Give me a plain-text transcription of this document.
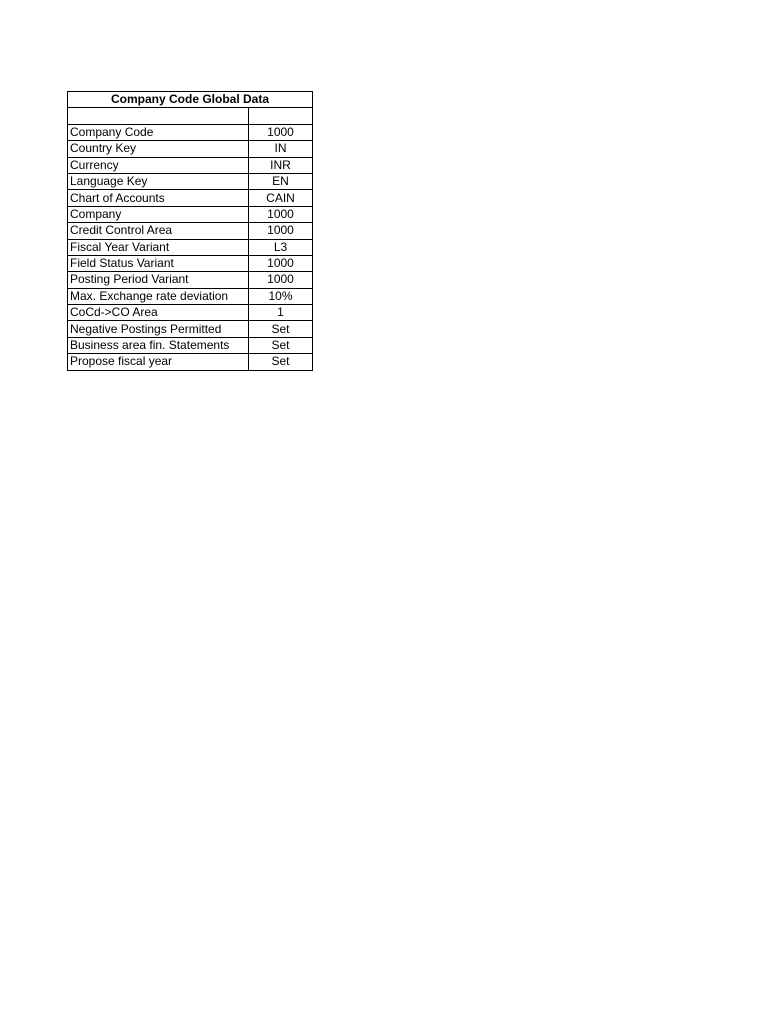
Company Code Global Data	

Company Code	1000
Country Key	IN
Currency	INR
Language Key	EN
Chart of Accounts	CAIN
Company	1000
Credit Control Area	1000
Fiscal Year Variant	L3
Field Status Variant	1000
Posting Period Variant	1000
Max. Exchange rate deviation	10%
CoCd->CO Area	1
Negative Postings Permitted	Set
Business area fin. Statements	Set
Propose fiscal year	Set
